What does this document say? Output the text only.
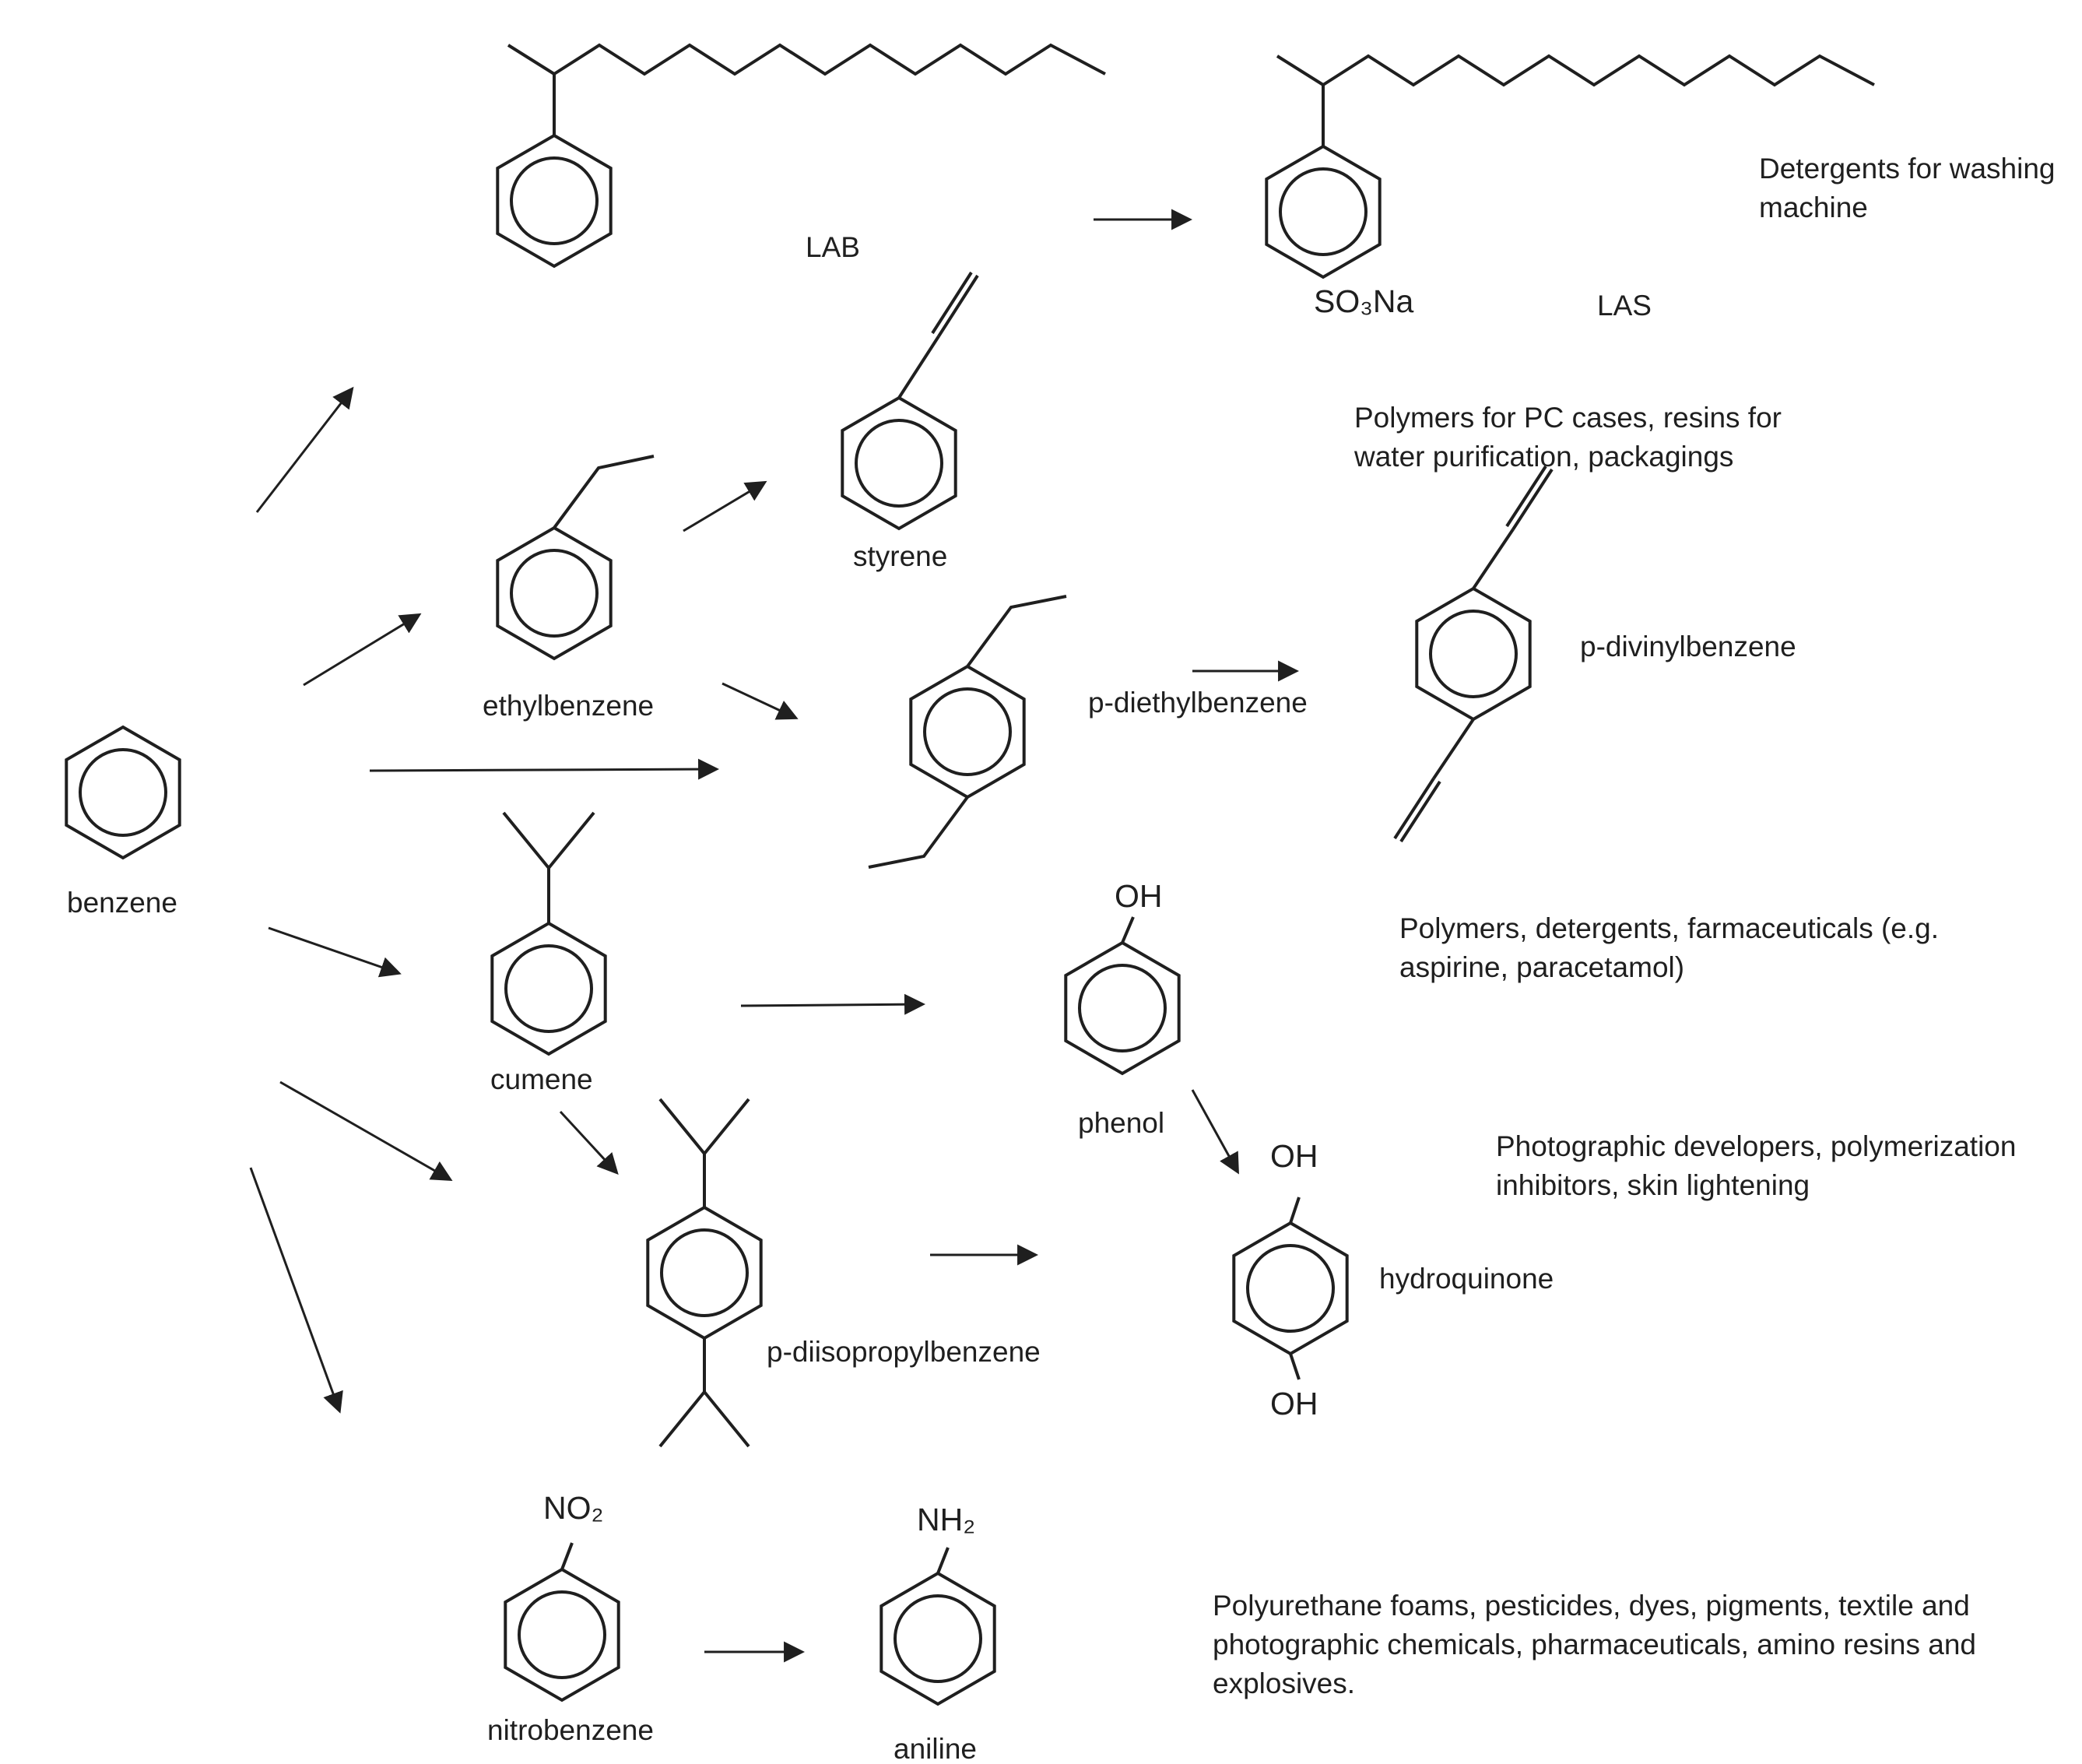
LAB
SO₃Na	LAS
styrene
ethylbenzene	p-diethylbenzene
p-divinylbenzene
benzene
cumene
OH
phenol
p-diisopropylbenzene
OH
hydroquinone
OH
NO₂	NH₂
nitrobenzene
aniline
Detergents for washing
machine
Polymers for PC cases, resins for
water purification, packagings
Polymers, detergents, farmaceuticals (e.g.
aspirine, paracetamol)
Photographic developers, polymerization
inhibitors, skin lightening
Polyurethane foams, pesticides, dyes, pigments, textile and
photographic chemicals, pharmaceuticals, amino resins and
explosives.
